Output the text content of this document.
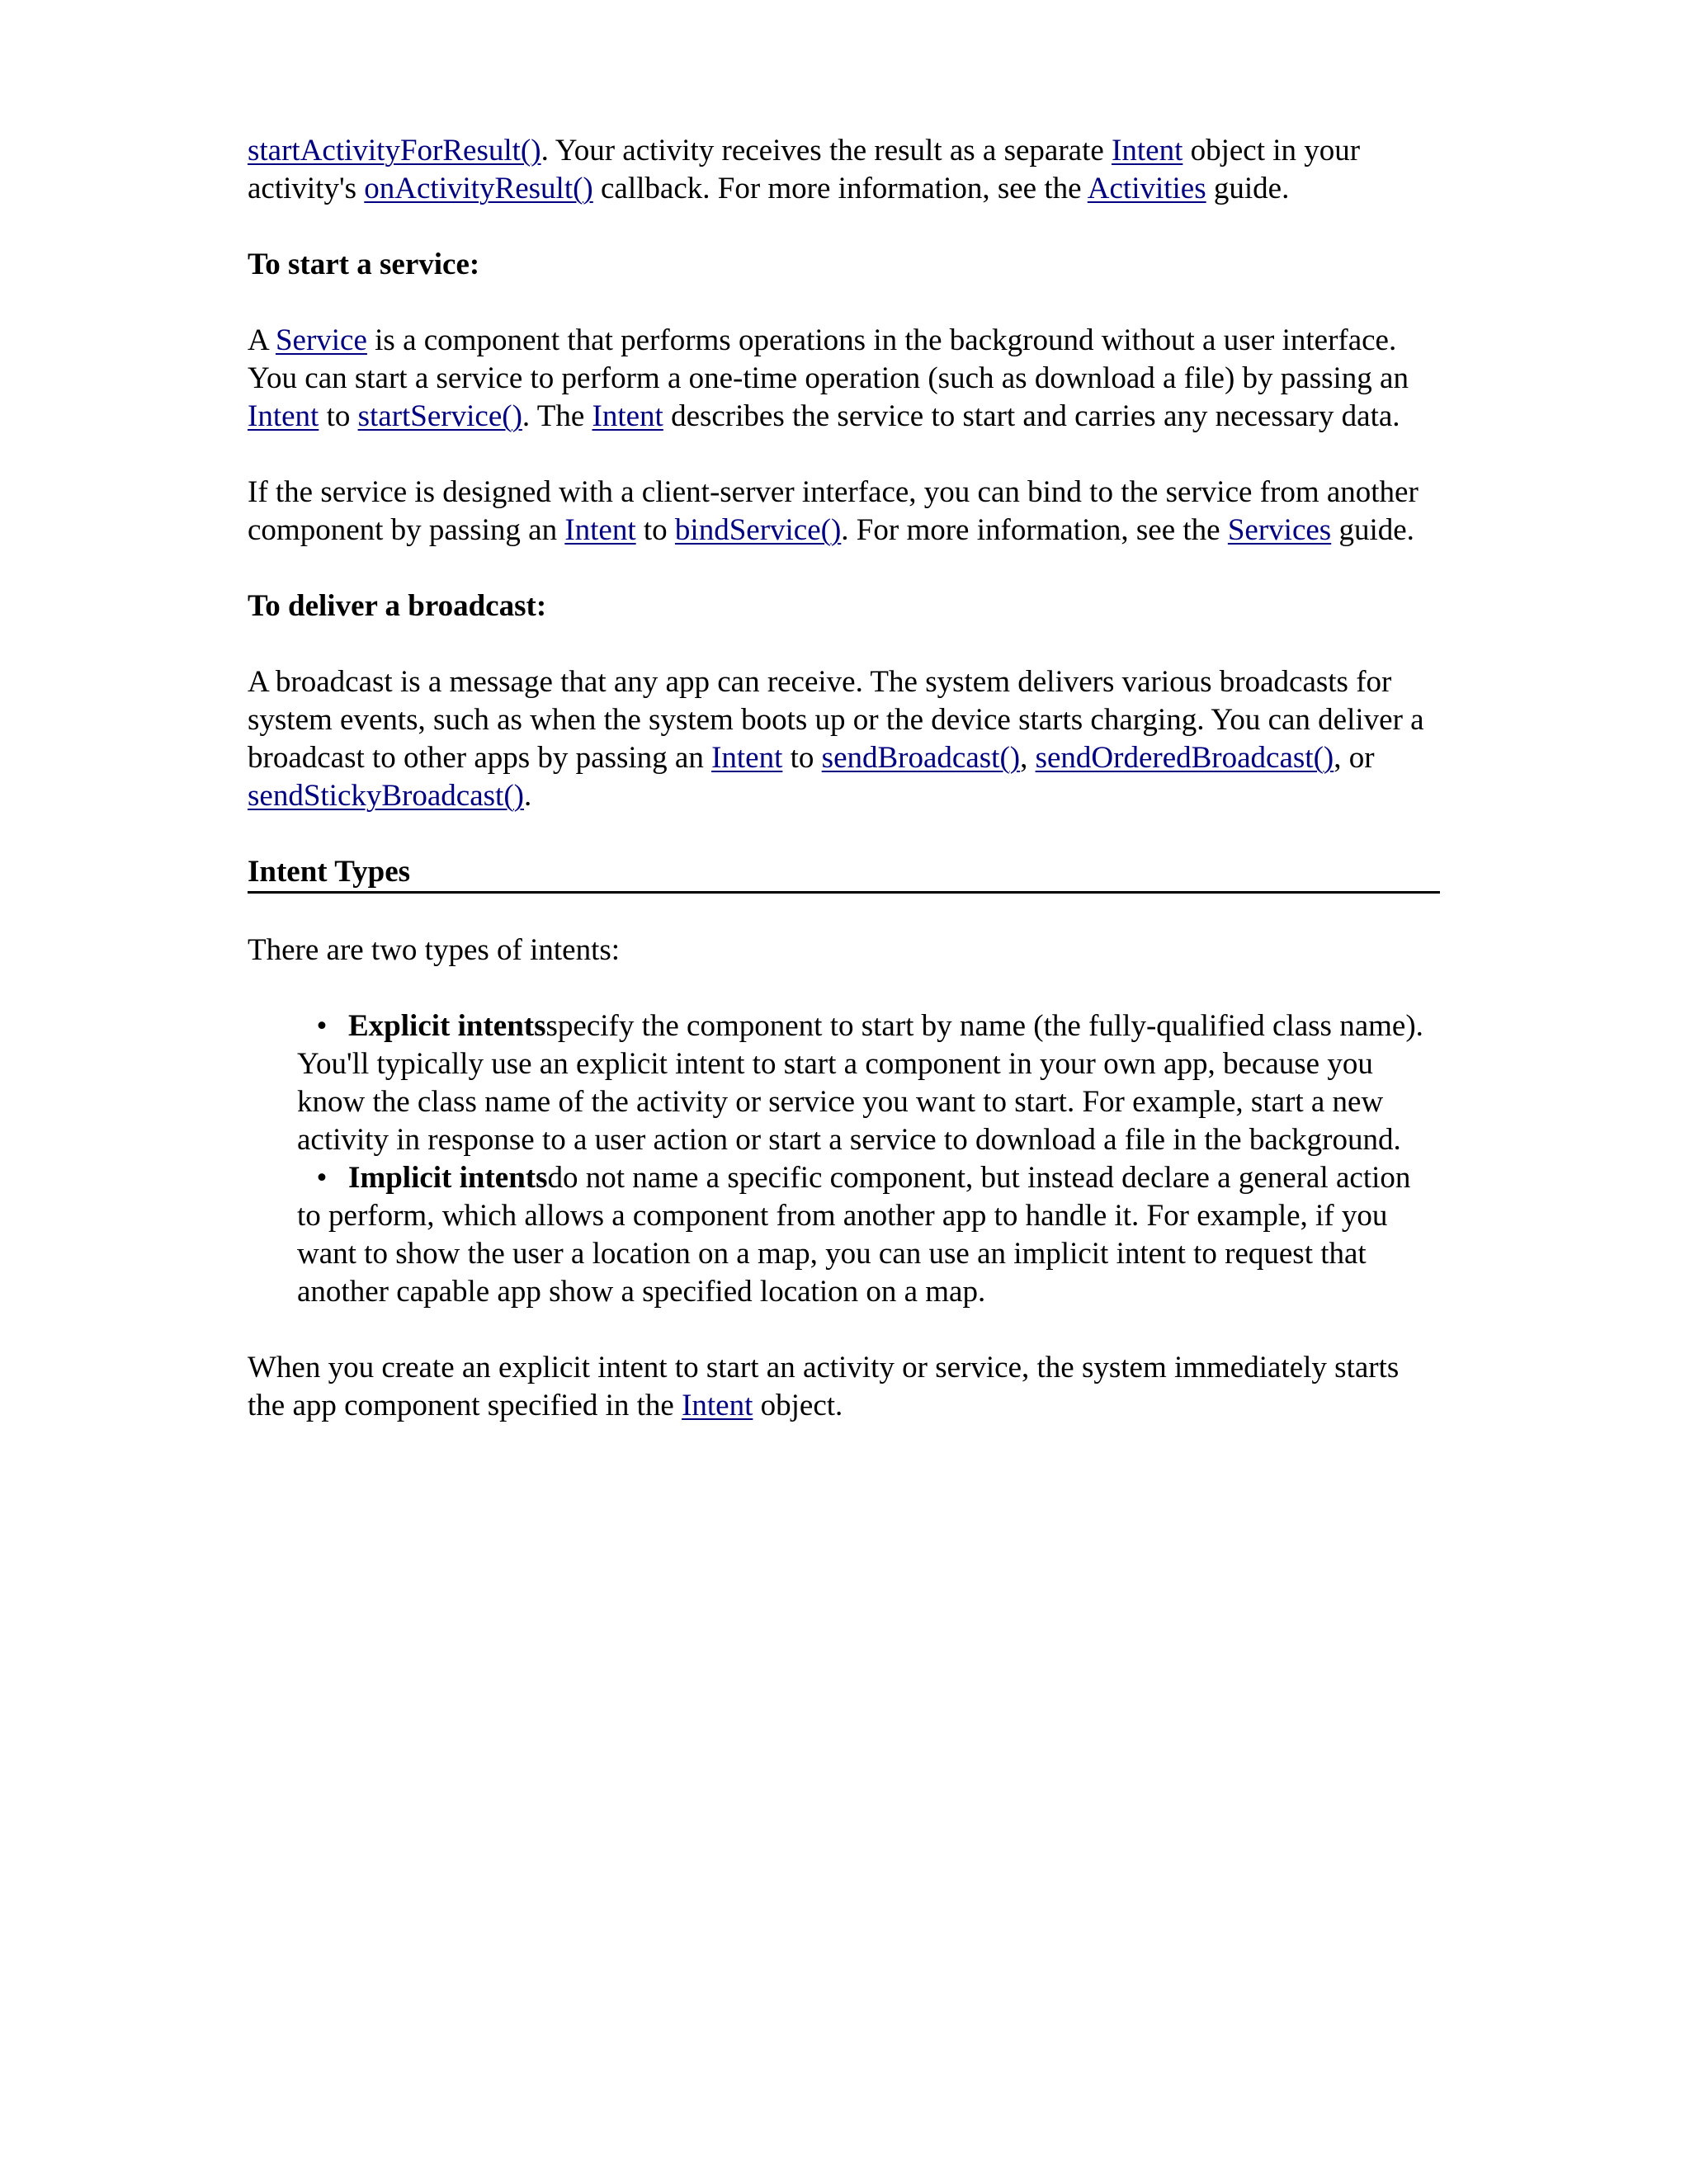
startActivityForResult(). Your activity receives the result as a separate Intent object in your activity's onActivityResult() callback. For more information, see the Activities guide.

To start a service:

A Service is a component that performs operations in the background without a user interface. You can start a service to perform a one-time operation (such as download a file) by passing an Intent to startService(). The Intent describes the service to start and carries any necessary data.

If the service is designed with a client-server interface, you can bind to the service from another component by passing an Intent to bindService(). For more information, see the Services guide.

To deliver a broadcast:

A broadcast is a message that any app can receive. The system delivers various broadcasts for system events, such as when the system boots up or the device starts charging. You can deliver a broadcast to other apps by passing an Intent to sendBroadcast(), sendOrderedBroadcast(), or sendStickyBroadcast().

Intent Types

There are two types of intents:

• Explicit intentsspecify the component to start by name (the fully-qualified class name). You'll typically use an explicit intent to start a component in your own app, because you know the class name of the activity or service you want to start. For example, start a new activity in response to a user action or start a service to download a file in the background.
• Implicit intentsdo not name a specific component, but instead declare a general action to perform, which allows a component from another app to handle it. For example, if you want to show the user a location on a map, you can use an implicit intent to request that another capable app show a specified location on a map.

When you create an explicit intent to start an activity or service, the system immediately starts the app component specified in the Intent object.
